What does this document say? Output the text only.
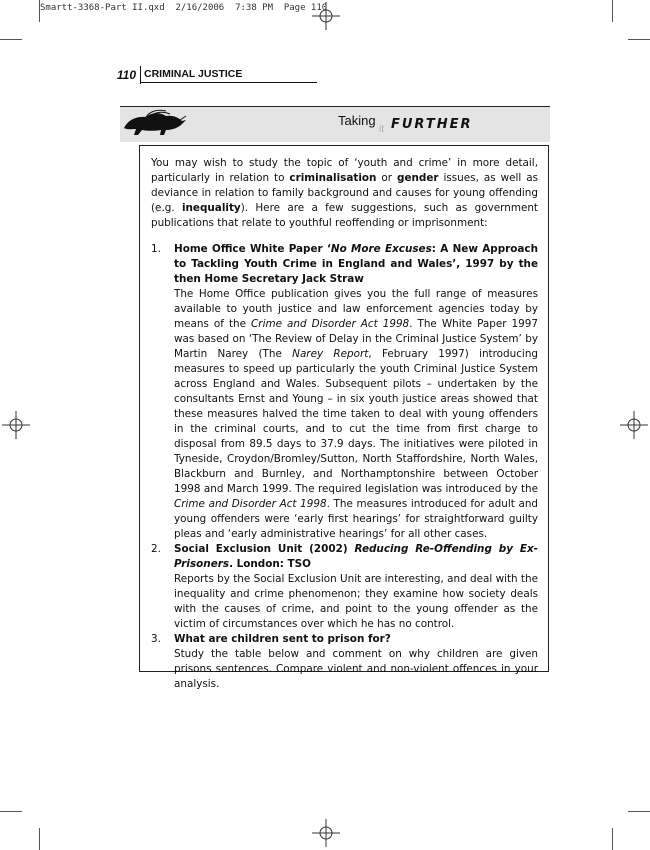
Smartt-3368-Part II.qxd  2/16/2006  7:38 PM  Page 110
110 CRIMINAL JUSTICE
Taking
it FURTHER

You may wish to study the topic of ‘youth and crime’ in more detail, particularly in relation to criminalisation or gender issues, as well as deviance in relation to family background and causes for young offending (e.g. inequality). Here are a few suggestions, such as government publications that relate to youthful reoffending or imprisonment:

1. Home Office White Paper ‘No More Excuses: A New Approach to Tackling Youth Crime in England and Wales’, 1997 by the then Home Secretary Jack Straw
The Home Office publication gives you the full range of measures available to youth justice and law enforcement agencies today by means of the Crime and Disorder Act 1998. The White Paper 1997 was based on ‘The Review of Delay in the Criminal Justice System’ by Martin Narey (The Narey Report, February 1997) introducing measures to speed up particularly the youth Criminal Justice System across England and Wales. Subsequent pilots – undertaken by the consultants Ernst and Young – in six youth justice areas showed that these measures halved the time taken to deal with young offenders in the criminal courts, and to cut the time from first charge to disposal from 89.5 days to 37.9 days. The initiatives were piloted in Tyneside, Croydon/Bromley/Sutton, North Staffordshire, North Wales, Blackburn and Burnley, and Northamptonshire between October 1998 and March 1999. The required legislation was introduced by the Crime and Disorder Act 1998. The measures introduced for adult and young offenders were ‘early first hearings’ for straightforward guilty pleas and ‘early administrative hearings’ for all other cases.
2. Social Exclusion Unit (2002) Reducing Re-Offending by Ex-Prisoners. London: TSO
Reports by the Social Exclusion Unit are interesting, and deal with the inequality and crime phenomenon; they examine how society deals with the causes of crime, and point to the young offender as the victim of circumstances over which he has no control.
3. What are children sent to prison for?
Study the table below and comment on why children are given prisons sentences. Compare violent and non-violent offences in your analysis.
